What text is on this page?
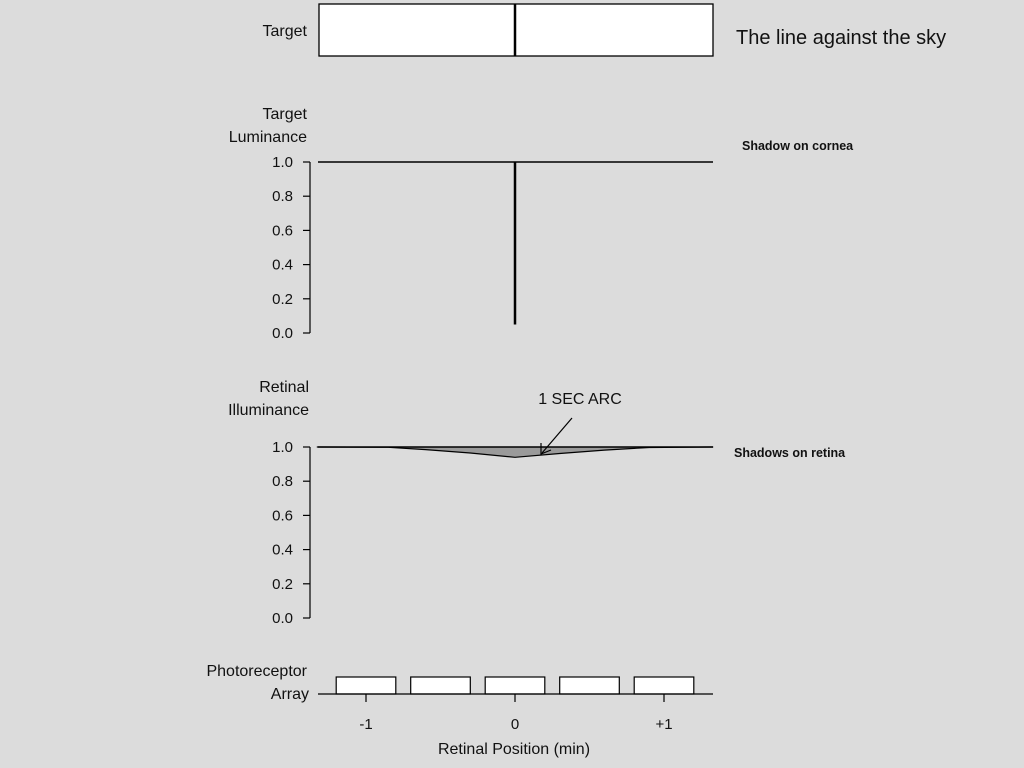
The line against the sky
Target
Target
Luminance	Shadow on cornea
1.0
0.8
0.6
0.4
0.2
0.0
Retinal
Illuminance
Shadows on retina
1 SEC ARC
1.0
0.8
0.6
0.4
0.2
0.0
Photoreceptor
Array
-1	0	+1
Retinal Position (min)
